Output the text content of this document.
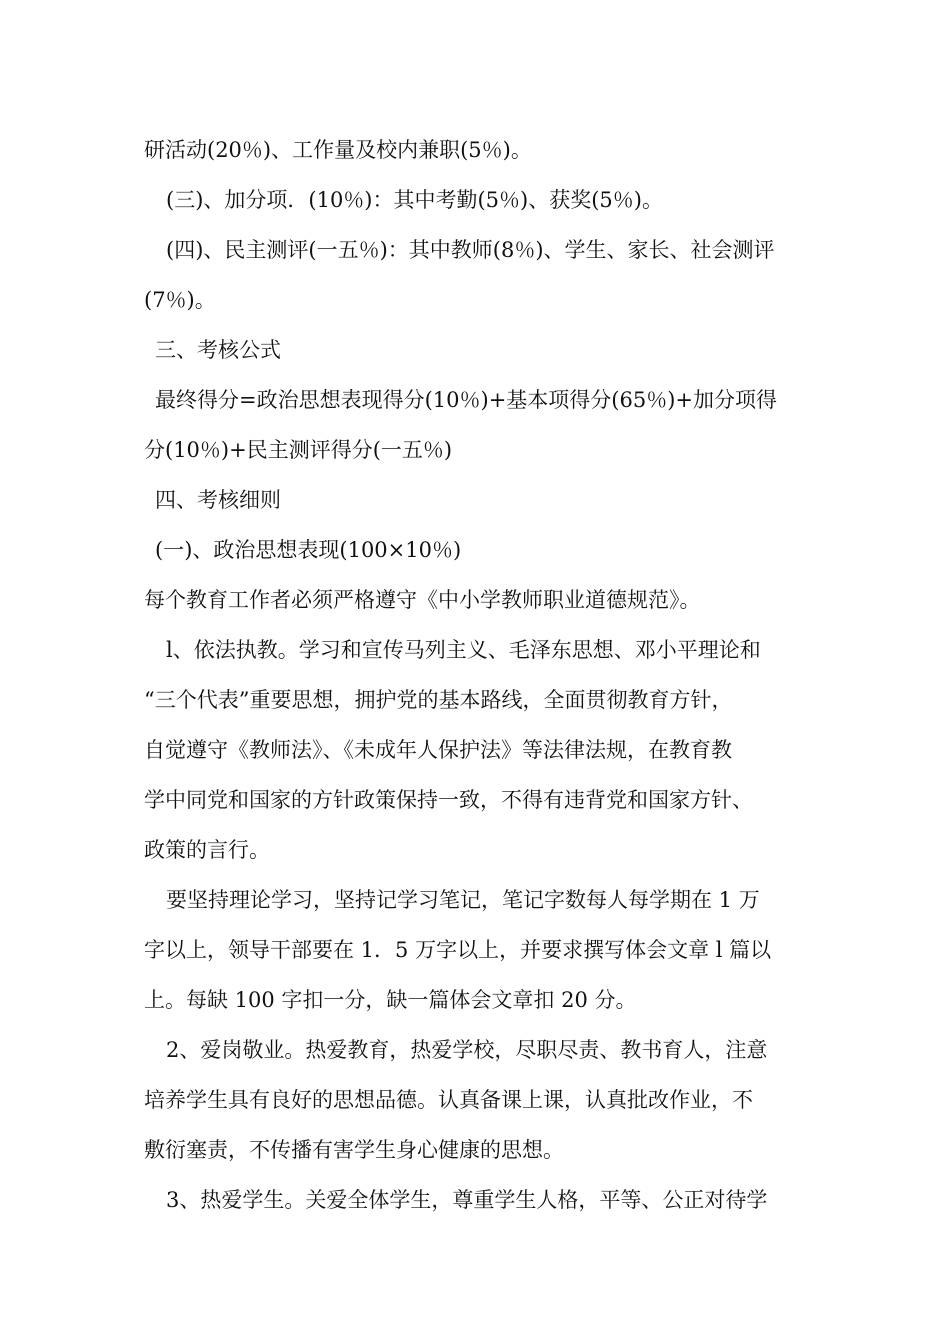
研活动(20％)、工作量及校内兼职(5％)。
(三)、加分项．(10％)：其中考勤(5％)、获奖(5％)。
(四)、民主测评(一五％)：其中教师(8％)、学生、家长、社会测评
(7％)。
三、考核公式
最终得分=政治思想表现得分(10％)+基本项得分(65％)+加分项得
分(10％)+民主测评得分(一五％)
四、考核细则
(一)、政治思想表现(100×10％)
每个教育工作者必须严格遵守《中小学教师职业道德规范》。
l、依法执教。学习和宣传马列主义、毛泽东思想、邓小平理论和
“三个代表”重要思想，拥护党的基本路线，全面贯彻教育方针，
自觉遵守《教师法》、《未成年人保护法》等法律法规，在教育教
学中同党和国家的方针政策保持一致，不得有违背党和国家方针、
政策的言行。
要坚持理论学习，坚持记学习笔记，笔记字数每人每学期在 1 万
字以上，领导干部要在 1．5 万字以上，并要求撰写体会文章 l 篇以
上。每缺 100 字扣一分，缺一篇体会文章扣 20 分。
2、爱岗敬业。热爱教育，热爱学校，尽职尽责、教书育人，注意
培养学生具有良好的思想品德。认真备课上课，认真批改作业，不
敷衍塞责，不传播有害学生身心健康的思想。
3、热爱学生。关爱全体学生，尊重学生人格，平等、公正对待学
